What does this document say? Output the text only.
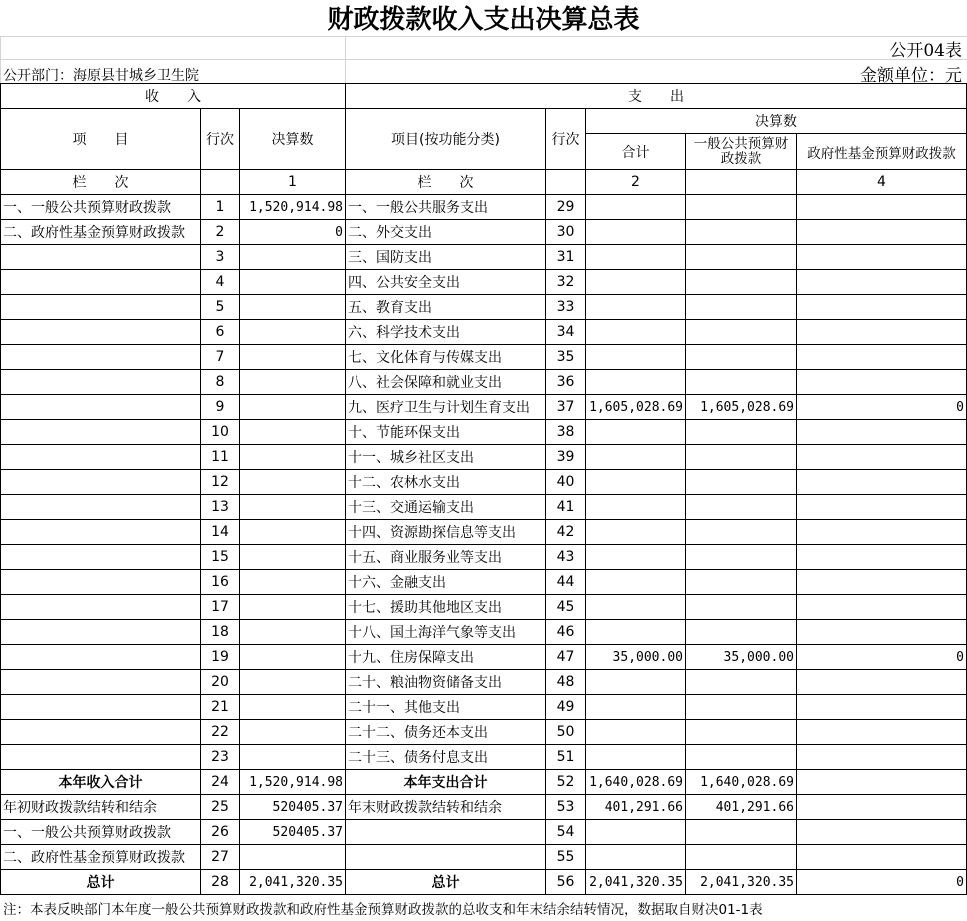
财政拨款收入支出决算总表
公开04表
公开部门：海原县甘城乡卫生院	金额单位：元
收　　入			支　　出				
项　　目	行次	决算数	项目(按功能分类)	行次	决算数		
					合计	一般公共预算财政拨款	政府性基金预算财政拨款
栏　　次		1	栏　　次		2		4
一、一般公共预算财政拨款	1	1,520,914.98	一、一般公共服务支出	29			
二、政府性基金预算财政拨款	2	0	二、外交支出	30			
	3		三、国防支出	31			
	4		四、公共安全支出	32			
	5		五、教育支出	33			
	6		六、科学技术支出	34			
	7		七、文化体育与传媒支出	35			
	8		八、社会保障和就业支出	36			
	9		九、医疗卫生与计划生育支出	37	1,605,028.69	1,605,028.69	0
	10		十、节能环保支出	38			
	11		十一、城乡社区支出	39			
	12		十二、农林水支出	40			
	13		十三、交通运输支出	41			
	14		十四、资源勘探信息等支出	42			
	15		十五、商业服务业等支出	43			
	16		十六、金融支出	44			
	17		十七、援助其他地区支出	45			
	18		十八、国土海洋气象等支出	46			
	19		十九、住房保障支出	47	35,000.00	35,000.00	0
	20		二十、粮油物资储备支出	48			
	21		二十一、其他支出	49			
	22		二十二、债务还本支出	50			
	23		二十三、债务付息支出	51			
本年收入合计	24	1,520,914.98	本年支出合计	52	1,640,028.69	1,640,028.69	
年初财政拨款结转和结余	25	520405.37	年末财政拨款结转和结余	53	401,291.66	401,291.66	
一、一般公共预算财政拨款	26	520405.37		54			
二、政府性基金预算财政拨款	27			55			
总计	28	2,041,320.35	总计	56	2,041,320.35	2,041,320.35	0
注：本表反映部门本年度一般公共预算财政拨款和政府性基金预算财政拨款的总收支和年末结余结转情况，数据取自财决01-1表
